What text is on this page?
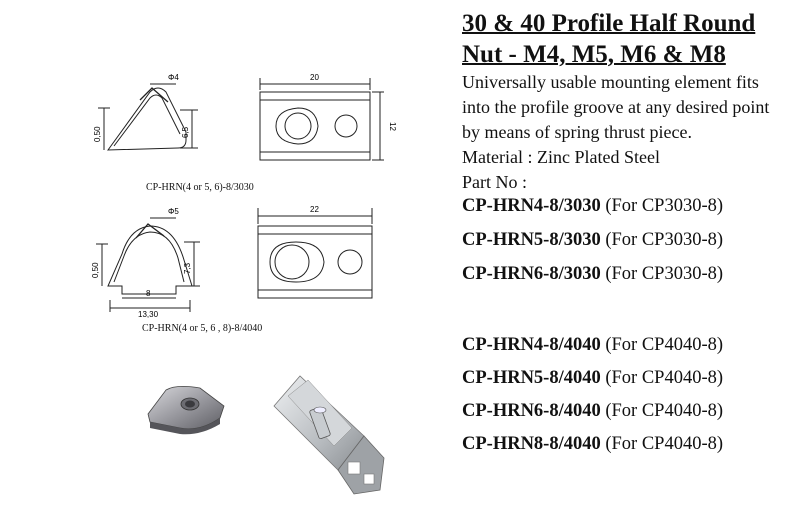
30 & 40 Profile Half Round
Nut - M4, M5, M6 & M8
Universally usable mounting element fits
into the profile groove at any desired point
by means of spring thrust piece.
Material : Zinc Plated Steel
Part No :
CP-HRN4-8/3030 (For CP3030-8)
CP-HRN5-8/3030 (For CP3030-8)
CP-HRN6-8/3030 (For CP3030-8)
CP-HRN4-8/4040 (For CP4040-8)
CP-HRN5-8/4040 (For CP4040-8)
CP-HRN6-8/4040 (For CP4040-8)
CP-HRN8-8/4040 (For CP4040-8)
Φ4
0,50	6,5
20
12
CP-HRN(4 or 5, 6)-8/3030
Φ5
0,50	7,3
8
13,30
22
CP-HRN(4 or 5, 6 , 8)-8/4040
